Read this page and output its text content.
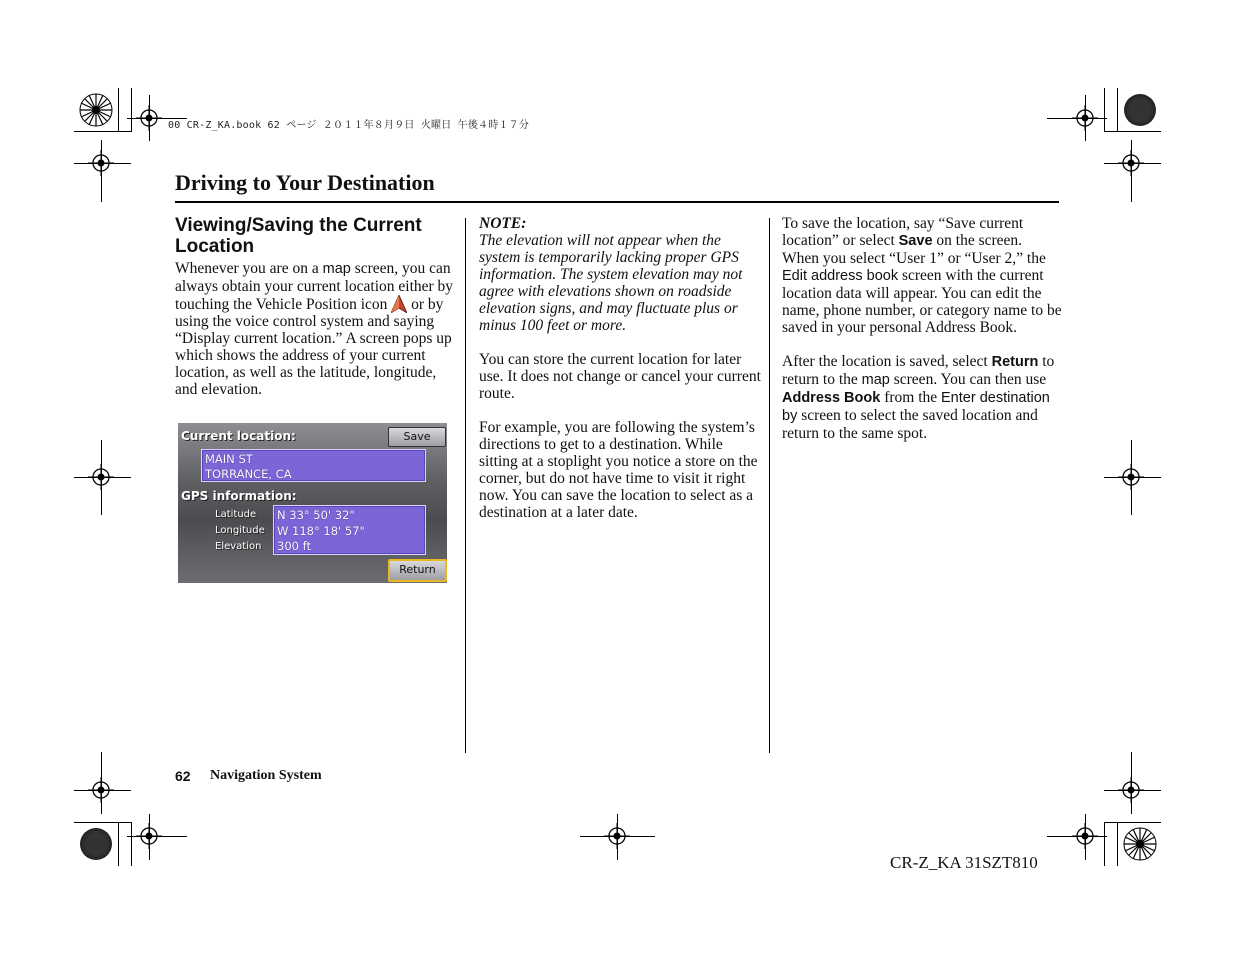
00 CR-Z_KA.book 62 ページ ２０１１年８月９日 火曜日 午後４時１７分
Driving to Your Destination
Viewing/Saving the Current Location

Whenever you are on a map screen, you can always obtain your current location either by touching the Vehicle Position icon  or by using the voice control system and saying “Display current location.” A screen pops up which shows the address of your current location, as well as the latitude, longitude, and elevation.

Current location:	Save
MAIN ST
TORRANCE, CA
GPS information:
Latitude
Longitude
Elevation
N 33° 50' 32"
W 118° 18' 57"
300 ft
Return

NOTE:
The elevation will not appear when the system is temporarily lacking proper GPS information. The system elevation may not agree with elevations shown on roadside elevation signs, and may fluctuate plus or minus 100 feet or more.

You can store the current location for later use. It does not change or cancel your current route.

For example, you are following the system’s directions to get to a destination. While sitting at a stoplight you notice a store on the corner, but do not have time to visit it right now. You can save the location to select as a destination at a later date.

To save the location, say “Save current location” or select Save on the screen. When you select “User 1” or “User 2,” the Edit address book screen with the current location data will appear. You can edit the name, phone number, or category name to be saved in your personal Address Book.

After the location is saved, select Return to return to the map screen. You can then use Address Book from the Enter destination by screen to select the saved location and return to the same spot.

62 Navigation System
CR-Z_KA 31SZT810
